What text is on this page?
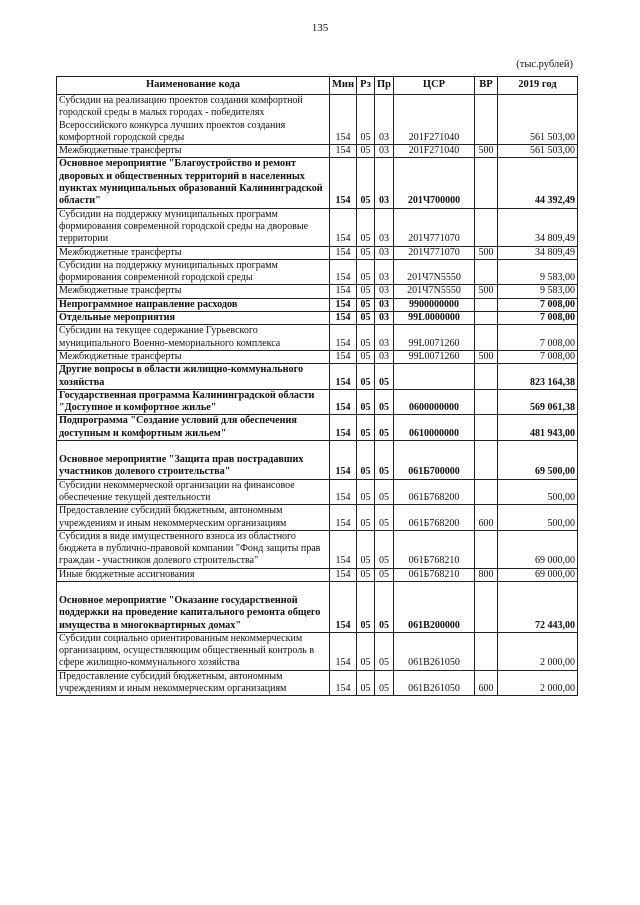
135
(тыс.рублей)
Наименование кода	Мин	Рз	Пр	ЦСР	ВР	2019 год
Субсидии на реализацию проектов создания комфортной городской среды в малых городах - победителях Всероссийского конкурса лучших проектов создания комфортной городской среды	154	05	03	201F271040		561 503,00
Межбюджетные трансферты	154	05	03	201F271040	500	561 503,00
Основное мероприятие "Благоустройство и ремонт дворовых и общественных территорий в населенных пунктах муниципальных образований Калининградской области"	154	05	03	201Ч700000		44 392,49
Субсидии на поддержку муниципальных программ формирования современной городской среды на дворовые территории	154	05	03	201Ч771070		34 809,49
Межбюджетные трансферты	154	05	03	201Ч771070	500	34 809,49
Субсидии на поддержку муниципальных программ формирования современной городской среды	154	05	03	201Ч7N5550		9 583,00
Межбюджетные трансферты	154	05	03	201Ч7N5550	500	9 583,00
Непрограммное направление расходов	154	05	03	9900000000		7 008,00
Отдельные мероприятия	154	05	03	99L0000000		7 008,00
Субсидии на текущее содержание Гурьевского муниципального Военно-мемориального комплекса	154	05	03	99L0071260		7 008,00
Межбюджетные трансферты	154	05	03	99L0071260	500	7 008,00
Другие вопросы в области жилищно-коммунального хозяйства	154	05	05			823 164,38
Государственная программа Калининградской области "Доступное и комфортное жилье"	154	05	05	0600000000		569 061,38
Подпрограмма "Создание условий для обеспечения доступным и комфортным жильем"	154	05	05	0610000000		481 943,00
Основное мероприятие "Защита прав пострадавших участников долевого строительства"	154	05	05	061Б700000		69 500,00
Субсидии некоммерческой организации на финансовое обеспечение текущей деятельности	154	05	05	061Б768200		500,00
Предоставление субсидий бюджетным, автономным учреждениям и иным некоммерческим организациям	154	05	05	061Б768200	600	500,00
Субсидия в виде имущественного взноса из областного бюджета в публично-правовой компании "Фонд защиты прав граждан - участников долевого строительства"	154	05	05	061Б768210		69 000,00
Иные бюджетные ассигнования	154	05	05	061Б768210	800	69 000,00
Основное мероприятие "Оказание государственной поддержки на проведение капитального ремонта общего имущества в многоквартирных домах"	154	05	05	061В200000		72 443,00
Субсидии социально ориентированным некоммерческим организациям, осуществляющим общественный контроль в сфере жилищно-коммунального хозяйства	154	05	05	061В261050		2 000,00
Предоставление субсидий бюджетным, автономным учреждениям и иным некоммерческим организациям	154	05	05	061В261050	600	2 000,00
